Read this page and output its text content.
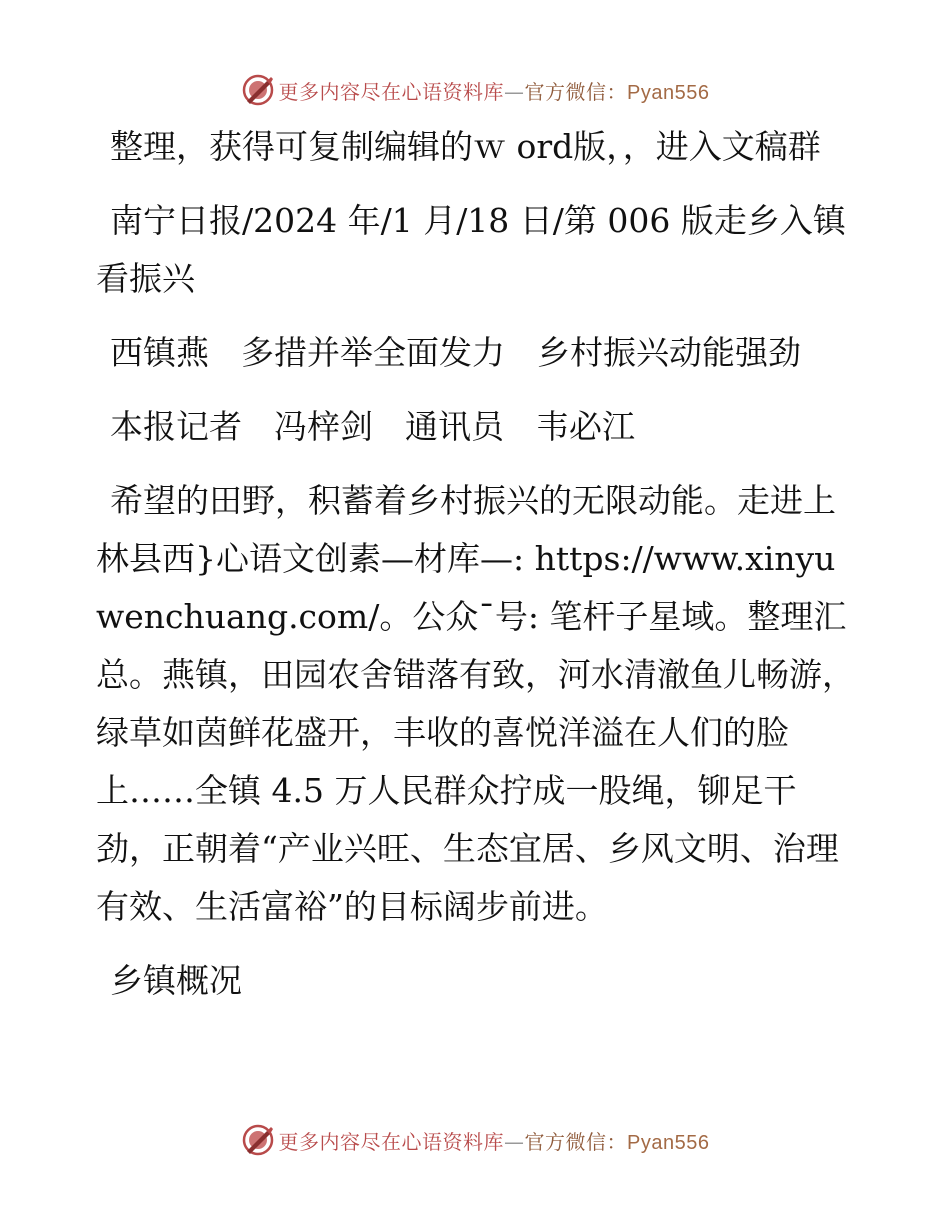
更多内容尽在心语资料库—官方微信：Pyan556

整理，获得可复制编辑的ｗ ord版，，进入文稿群

南宁日报/2024 年/1 月/18 日/第 006 版走乡入镇看振兴

西镇燕 多措并举全面发力 乡村振兴动能强劲

本报记者 冯梓剑 通讯员 韦必江

希望的田野，积蓄着乡村振兴的无限动能。走进上林县西}心语文创素—材库—: https://www.xinyuwenchuang.com/。公众¯号: 笔杆子星域。整理汇总。燕镇，田园农舍错落有致，河水清澈鱼儿畅游，绿草如茵鲜花盛开，丰收的喜悦洋溢在人们的脸上……全镇 4.5 万人民群众拧成一股绳，铆足干劲，正朝着“产业兴旺、生态宜居、乡风文明、治理有效、生活富裕”的目标阔步前进。

乡镇概况

更多内容尽在心语资料库—官方微信：Pyan556
